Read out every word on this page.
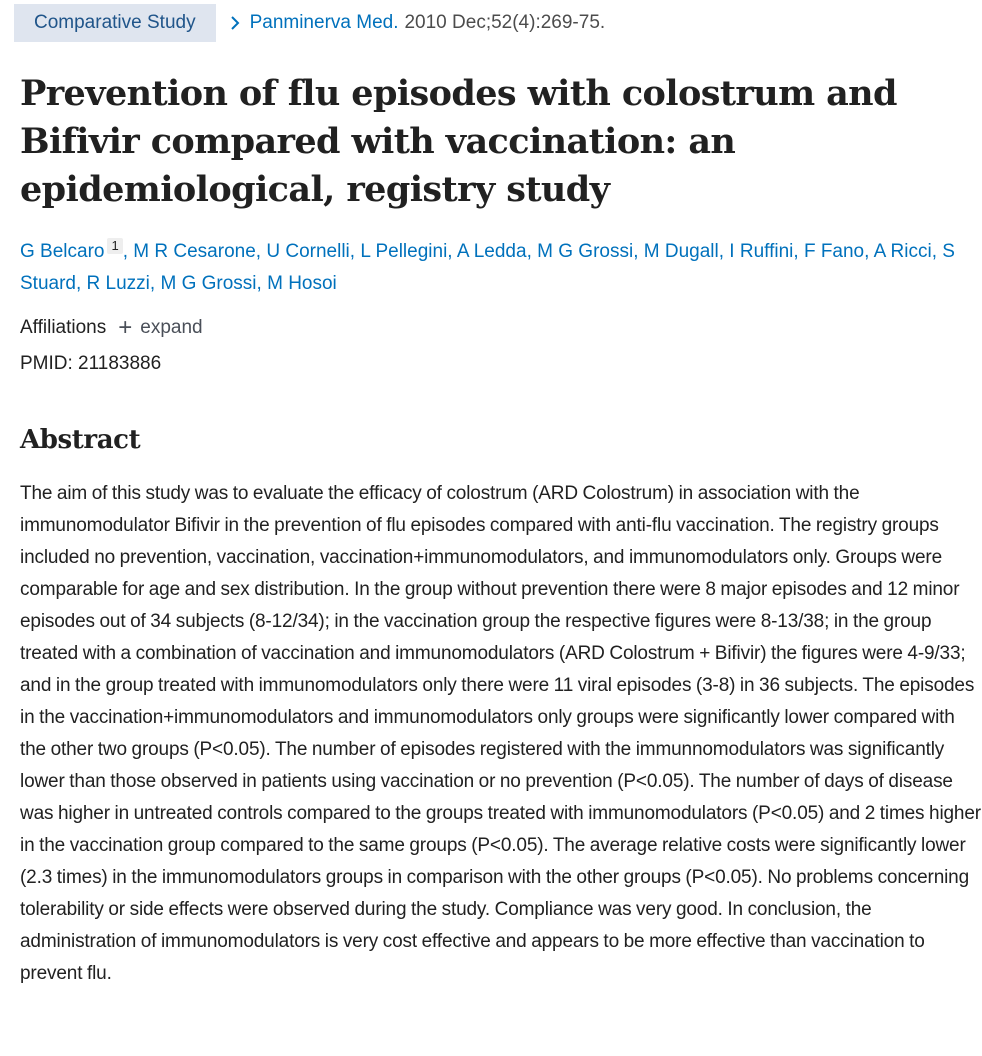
Comparative Study	Panminerva Med. 2010 Dec;52(4):269-75.
Prevention of flu episodes with colostrum and Bifivir compared with vaccination: an epidemiological, registry study
G Belcaro 1 , M R Cesarone, U Cornelli, L Pellegini, A Ledda, M G Grossi, M Dugall, I Ruffini, F Fano, A Ricci, S Stuard, R Luzzi, M G Grossi, M Hosoi
Affiliations + expand
PMID: 21183886
Abstract

The aim of this study was to evaluate the efficacy of colostrum (ARD Colostrum) in association with the immunomodulator Bifivir in the prevention of flu episodes compared with anti-flu vaccination. The registry groups included no prevention, vaccination, vaccination+immunomodulators, and immunomodulators only. Groups were comparable for age and sex distribution. In the group without prevention there were 8 major episodes and 12 minor episodes out of 34 subjects (8-12/34); in the vaccination group the respective figures were 8-13/38; in the group treated with a combination of vaccination and immunomodulators (ARD Colostrum + Bifivir) the figures were 4-9/33; and in the group treated with immunomodulators only there were 11 viral episodes (3-8) in 36 subjects. The episodes in the vaccination+immunomodulators and immunomodulators only groups were significantly lower compared with the other two groups (P<0.05). The number of episodes registered with the immunnomodulators was significantly lower than those observed in patients using vaccination or no prevention (P<0.05). The number of days of disease was higher in untreated controls compared to the groups treated with immunomodulators (P<0.05) and 2 times higher in the vaccination group compared to the same groups (P<0.05). The average relative costs were significantly lower (2.3 times) in the immunomodulators groups in comparison with the other groups (P<0.05). No problems concerning tolerability or side effects were observed during the study. Compliance was very good. In conclusion, the administration of immunomodulators is very cost effective and appears to be more effective than vaccination to prevent flu.
